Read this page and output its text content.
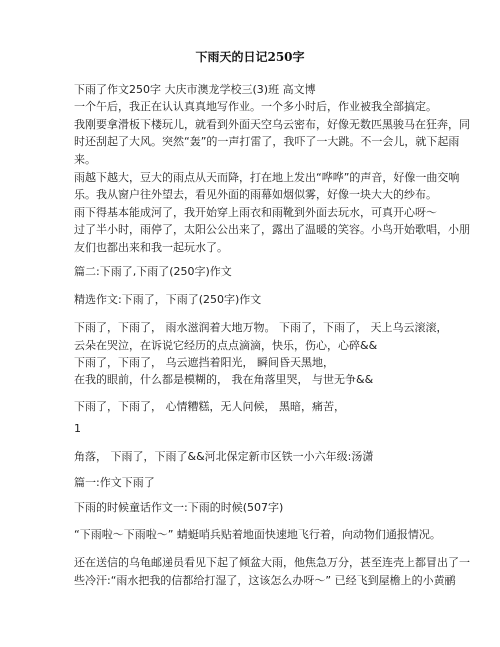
下雨天的日记250字
下雨了作文250字 大庆市澳龙学校三(3)班 高文博
一个午后，我正在认认真真地写作业。一个多小时后，作业被我全部搞定。
我刚要拿滑板下楼玩儿，就看到外面天空乌云密布，好像无数匹黑骏马在狂奔，同
时还刮起了大风。突然“轰”的一声打雷了，我吓了一大跳。不一会儿，就下起雨
来。
雨越下越大，豆大的雨点从天而降，打在地上发出“哗哗”的声音，好像一曲交响
乐。我从窗户往外望去，看见外面的雨幕如烟似雾，好像一块大大的纱布。
雨下得基本能成河了，我开始穿上雨衣和雨靴到外面去玩水，可真开心呀～
过了半小时，雨停了，太阳公公出来了，露出了温暖的笑容。小鸟开始歌唱，小朋
友们也都出来和我一起玩水了。
篇二:下雨了,下雨了(250字)作文
精选作文:下雨了，下雨了(250字)作文
下雨了，下雨了， 雨水滋润着大地万物。 下雨了，下雨了， 天上乌云滚滚，
云朵在哭泣，在诉说它经历的点点滴滴，快乐，伤心，心碎&&
下雨了，下雨了， 乌云遮挡着阳光， 瞬间昏天黑地，
在我的眼前，什么都是模糊的， 我在角落里哭， 与世无争&&
下雨了，下雨了， 心情糟糕，无人问候， 黑暗，痛苦，
1
角落， 下雨了，下雨了&&河北保定新市区铁一小六年级:汤潇
篇一:作文下雨了
下雨的时候童话作文一:下雨的时候(507字)
“下雨啦～下雨啦～” 蜻蜓哨兵贴着地面快速地飞行着，向动物们通报情况。
还在送信的乌龟邮递员看见下起了倾盆大雨，他焦急万分，甚至连壳上都冒出了一
些冷汗:“雨水把我的信都给打湿了，这该怎么办呀～” 已经飞到屋檐上的小黄鹂
